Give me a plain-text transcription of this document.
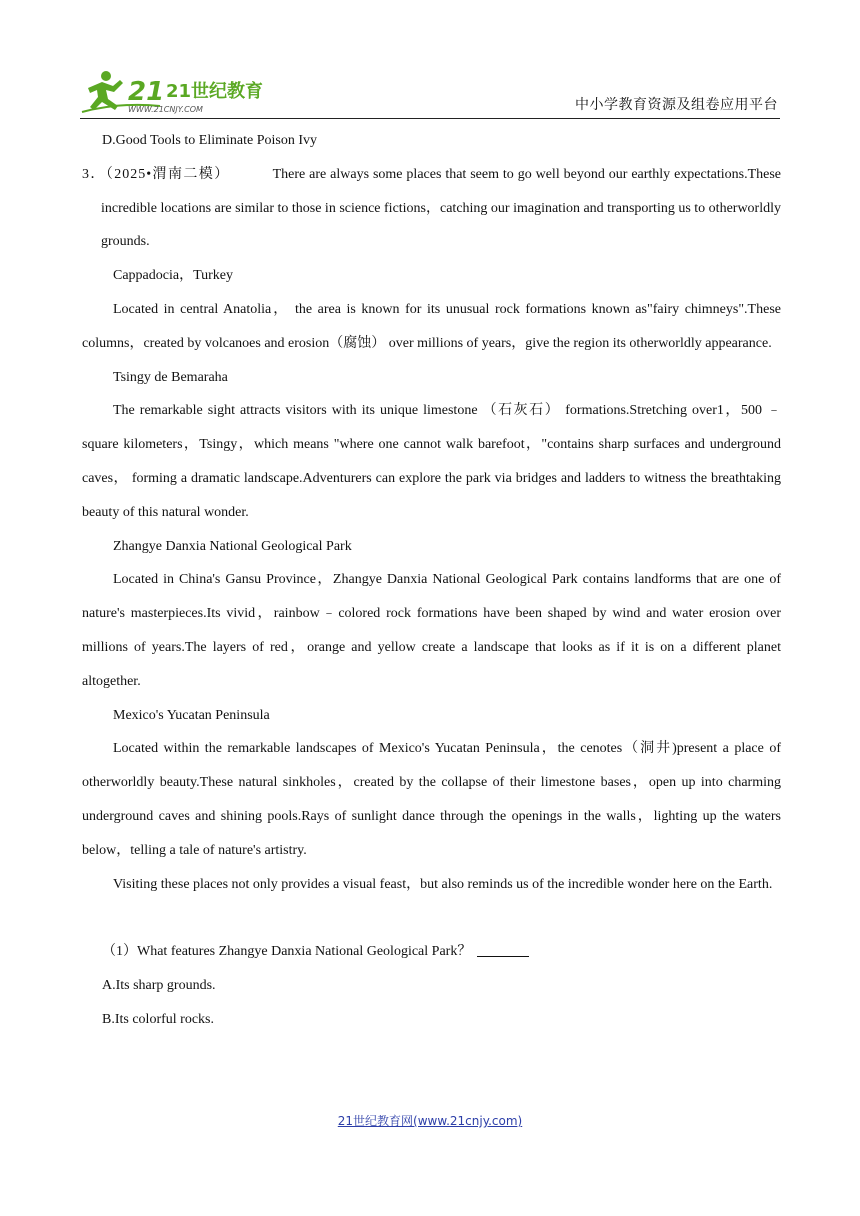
21 21世纪教育
WWW.21CNJY.COM	中小学教育资源及组卷应用平台

D.Good Tools to Eliminate Poison Ivy

3．（2025•渭南二模）	There are always some places that seem to go well beyond our earthly expectations.These incredible locations are similar to those in science fictions，catching our imagination and transporting us to otherworldly grounds.

Cappadocia，Turkey

Located in central Anatolia， the area is known for its unusual rock formations known as"fairy chimneys".These columns，created by volcanoes and erosion（腐蚀） over millions of years，give the region its otherworldly appearance.

Tsingy de Bemaraha

The remarkable sight attracts visitors with its unique limestone （石灰石） formations.Stretching over1，500 ﹣square kilometers，Tsingy，which means "where one cannot walk barefoot，"contains sharp surfaces and underground caves， forming a dramatic landscape.Adventurers can explore the park via bridges and ladders to witness the breathtaking beauty of this natural wonder.

Zhangye Danxia National Geological Park

Located in China's Gansu Province，Zhangye Danxia National Geological Park contains landforms that are one of nature's masterpieces.Its vivid，rainbow﹣colored rock formations have been shaped by wind and water erosion over millions of years.The layers of red，orange and yellow create a landscape that looks as if it is on a different planet altogether.

Mexico's Yucatan Peninsula

Located within the remarkable landscapes of Mexico's Yucatan Peninsula，the cenotes（洞井)present a place of otherworldly beauty.These natural sinkholes，created by the collapse of their limestone bases，open up into charming underground caves and shining pools.Rays of sunlight dance through the openings in the walls，lighting up the waters below，telling a tale of nature's artistry.

Visiting these places not only provides a visual feast，but also reminds us of the incredible wonder here on the Earth.

（1）What features Zhangye Danxia National Geological Park？

A.Its sharp grounds.

B.Its colorful rocks.

21世纪教育网(www.21cnjy.com)
